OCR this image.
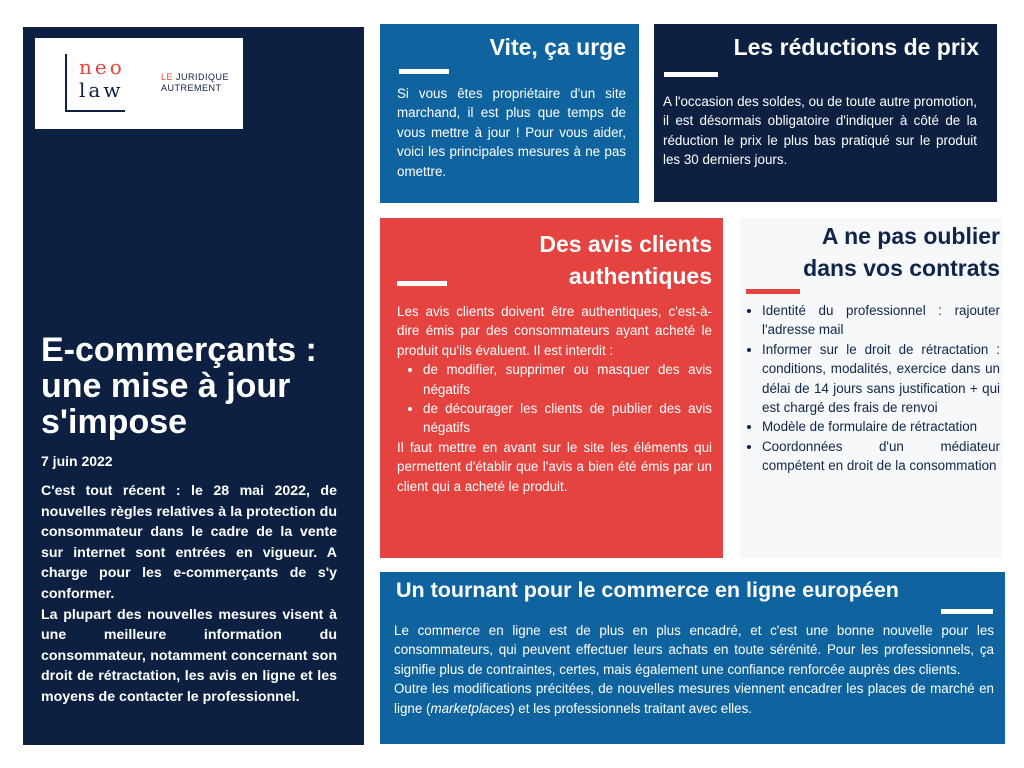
neo
law
LE JURIDIQUE
AUTREMENT
E-commerçants : une mise à jour s'impose
7 juin 2022

C'est tout récent : le 28 mai 2022, de nouvelles règles relatives à la protection du consommateur dans le cadre de la vente sur internet sont entrées en vigueur. A charge pour les e-commerçants de s'y conformer.

La plupart des nouvelles mesures visent à une meilleure information du consommateur, notamment concernant son droit de rétractation, les avis en ligne et les moyens de contacter le professionnel.

Vite, ça urge
Si vous êtes propriétaire d'un site marchand, il est plus que temps de vous mettre à jour ! Pour vous aider, voici les principales mesures à ne pas omettre.
Les réductions de prix
A l'occasion des soldes, ou de toute autre promotion, il est désormais obligatoire d'indiquer à côté de la réduction le prix le plus bas pratiqué sur le produit les 30 derniers jours.
Des avis clients
authentiques

Les avis clients doivent être authentiques, c'est-à-dire émis par des consommateurs ayant acheté le produit qu'ils évaluent. Il est interdit :

• de modifier, supprimer ou masquer des avis négatifs
• de décourager les clients de publier des avis négatifs

Il faut mettre en avant sur le site les éléments qui permettent d'établir que l'avis a bien été émis par un client qui a acheté le produit.

A ne pas oublier
dans vos contrats
• Identité du professionnel : rajouter l'adresse mail
• Informer sur le droit de rétractation : conditions, modalités, exercice dans un délai de 14 jours sans justification + qui est chargé des frais de renvoi
• Modèle de formulaire de rétractation
• Coordonnées d'un médiateur compétent en droit de la consommation
Un tournant pour le commerce en ligne européen

Le commerce en ligne est de plus en plus encadré, et c'est une bonne nouvelle pour les consommateurs, qui peuvent effectuer leurs achats en toute sérénité. Pour les professionnels, ça signifie plus de contraintes, certes, mais également une confiance renforcée auprès des clients.

Outre les modifications précitées, de nouvelles mesures viennent encadrer les places de marché en ligne (marketplaces) et les professionnels traitant avec elles.
